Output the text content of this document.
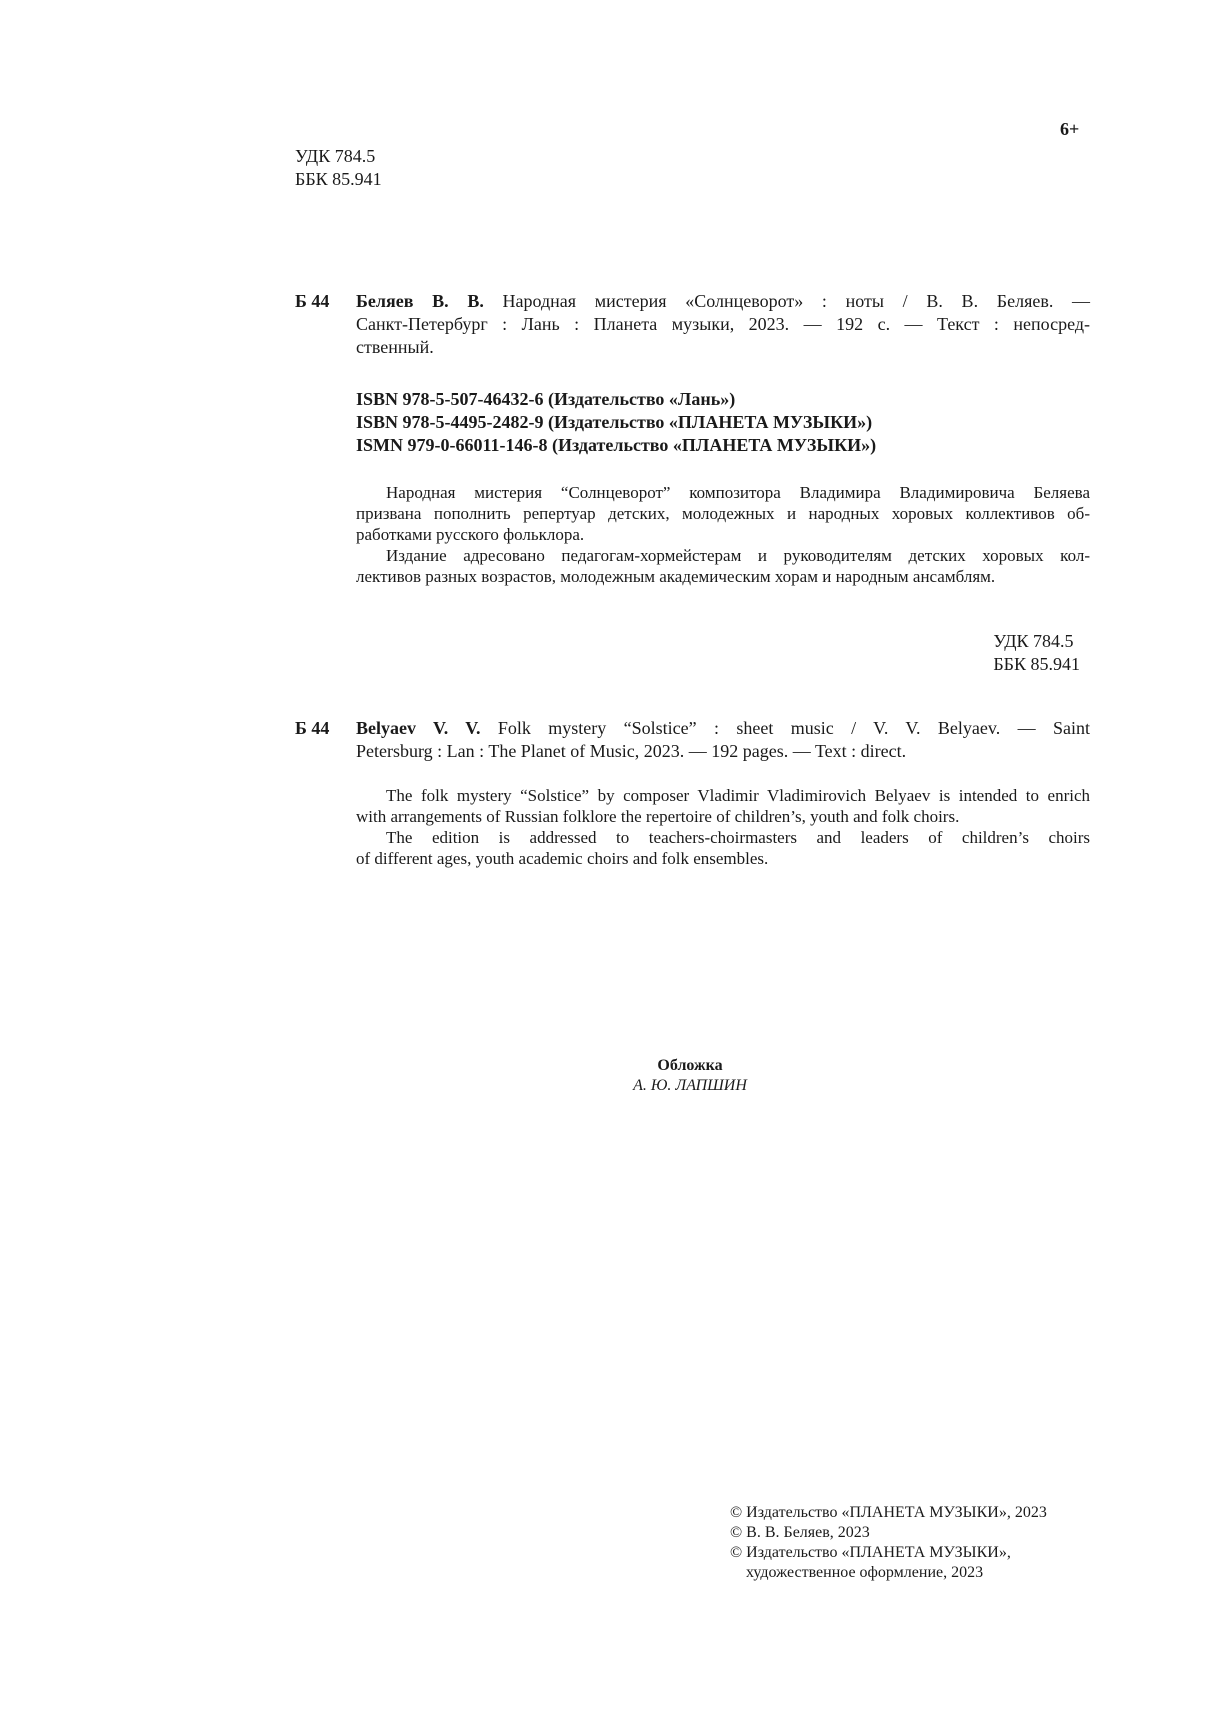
6+
УДК 784.5
ББК 85.941
Б 44	Беляев В. В. Народная мистерия «Солнцеворот» : ноты / В. В. Беляев. —
Санкт-Петербург : Лань : Планета музыки, 2023. — 192 с. — Текст : непосред-
ственный.
ISBN 978-5-507-46432-6 (Издательство «Лань»)
ISBN 978-5-4495-2482-9 (Издательство «ПЛАНЕТА МУЗЫКИ»)
ISMN 979-0-66011-146-8 (Издательство «ПЛАНЕТА МУЗЫКИ»)
Народная мистерия “Солнцеворот” композитора Владимира Владимировича Беляева
призвана пополнить репертуар детских, молодежных и народных хоровых коллективов об-
работками русского фольклора.
Издание адресовано педагогам-хормейстерам и руководителям детских хоровых кол-
лективов разных возрастов, молодежным академическим хорам и народным ансамблям.
УДК 784.5
ББК 85.941
Б 44	Belyaev V. V. Folk mystery “Solstice” : sheet music / V. V. Belyaev. — Saint
Petersburg : Lan : The Planet of Music, 2023. — 192 pages. — Text : direct.
The folk mystery “Solstice” by composer Vladimir Vladimirovich Belyaev is intended to enrich
with arrangements of Russian folklore the repertoire of children’s, youth and folk choirs.
The edition is addressed to teachers-choirmasters and leaders of children’s choirs
of different ages, youth academic choirs and folk ensembles.
Обложка
А. Ю. ЛАПШИН
© Издательство «ПЛАНЕТА МУЗЫКИ», 2023
© В. В. Беляев, 2023
© Издательство «ПЛАНЕТА МУЗЫКИ»,
художественное оформление, 2023
